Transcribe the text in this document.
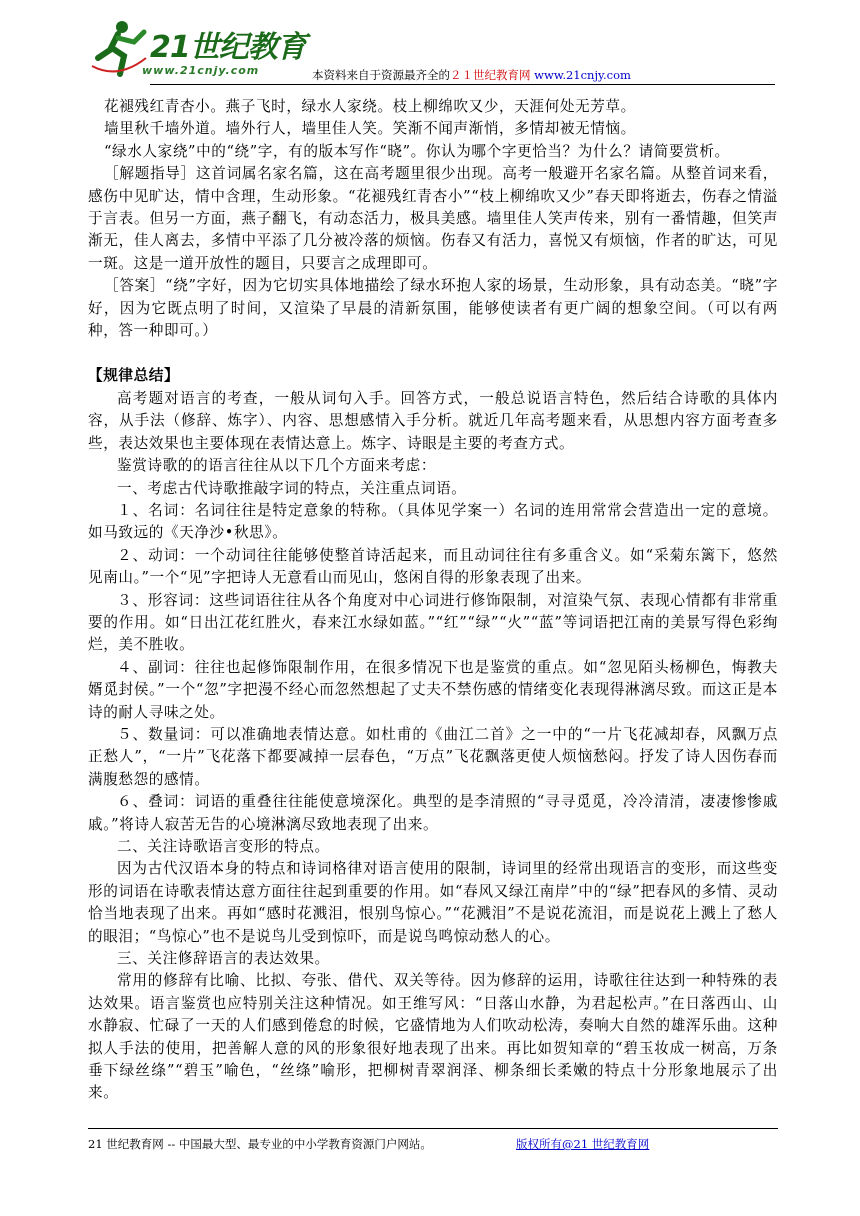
21世纪教育
www.21cnjy.com	本资料来自于资源最齐全的２１世纪教育网 www.21cnjy.com

花褪残红青杏小。燕子飞时，绿水人家绕。枝上柳绵吹又少，天涯何处无芳草。

墙里秋千墙外道。墙外行人，墙里佳人笑。笑渐不闻声渐悄，多情却被无情恼。

“绿水人家绕”中的“绕”字，有的版本写作“晓”。你认为哪个字更恰当？为什么？请简要赏析。

［解题指导］这首词属名家名篇，这在高考题里很少出现。高考一般避开名家名篇。从整首词来看，感伤中见旷达，情中含理，生动形象。“花褪残红青杏小”“枝上柳绵吹又少”春天即将逝去，伤春之情溢于言表。但另一方面，燕子翻飞，有动态活力，极具美感。墙里佳人笑声传来，别有一番情趣，但笑声渐无，佳人离去，多情中平添了几分被冷落的烦恼。伤春又有活力，喜悦又有烦恼，作者的旷达，可见一斑。这是一道开放性的题目，只要言之成理即可。

［答案］“绕”字好，因为它切实具体地描绘了绿水环抱人家的场景，生动形象，具有动态美。“晓”字好，因为它既点明了时间，又渲染了早晨的清新氛围，能够使读者有更广阔的想象空间。（可以有两种，答一种即可。）

【规律总结】

高考题对语言的考查，一般从词句入手。回答方式，一般总说语言特色，然后结合诗歌的具体内容，从手法（修辞、炼字）、内容、思想感情入手分析。就近几年高考题来看，从思想内容方面考查多些，表达效果也主要体现在表情达意上。炼字、诗眼是主要的考查方式。

鉴赏诗歌的的语言往往从以下几个方面来考虑：

一、考虑古代诗歌推敲字词的特点，关注重点词语。

１、名词：名词往往是特定意象的特称。（具体见学案一）名词的连用常常会营造出一定的意境。如马致远的《天净沙•秋思》。

２、动词：一个动词往往能够使整首诗活起来，而且动词往往有多重含义。如“采菊东篱下，悠然见南山。”一个“见”字把诗人无意看山而见山，悠闲自得的形象表现了出来。

３、形容词：这些词语往往从各个角度对中心词进行修饰限制，对渲染气氛、表现心情都有非常重要的作用。如“日出江花红胜火，春来江水绿如蓝。”“红”“绿”“火”“蓝”等词语把江南的美景写得色彩绚烂，美不胜收。

４、副词：往往也起修饰限制作用，在很多情况下也是鉴赏的重点。如“忽见陌头杨柳色，悔教夫婿觅封侯。”一个“忽”字把漫不经心而忽然想起了丈夫不禁伤感的情绪变化表现得淋漓尽致。而这正是本诗的耐人寻味之处。

５、数量词：可以准确地表情达意。如杜甫的《曲江二首》之一中的“一片飞花减却春，风飘万点正愁人”，“一片”飞花落下都要减掉一层春色，“万点”飞花飘落更使人烦恼愁闷。抒发了诗人因伤春而满腹愁怨的感情。

６、叠词：词语的重叠往往能使意境深化。典型的是李清照的“寻寻觅觅，冷冷清清，凄凄惨惨戚戚。”将诗人寂苦无告的心境淋漓尽致地表现了出来。

二、关注诗歌语言变形的特点。

因为古代汉语本身的特点和诗词格律对语言使用的限制，诗词里的经常出现语言的变形，而这些变形的词语在诗歌表情达意方面往往起到重要的作用。如“春风又绿江南岸”中的“绿”把春风的多情、灵动恰当地表现了出来。再如“感时花溅泪，恨别鸟惊心。”“花溅泪”不是说花流泪，而是说花上溅上了愁人的眼泪；“鸟惊心”也不是说鸟儿受到惊吓，而是说鸟鸣惊动愁人的心。

三、关注修辞语言的表达效果。

常用的修辞有比喻、比拟、夸张、借代、双关等待。因为修辞的运用，诗歌往往达到一种特殊的表达效果。语言鉴赏也应特别关注这种情况。如王维写风：“日落山水静，为君起松声。”在日落西山、山水静寂、忙碌了一天的人们感到倦怠的时候，它盛情地为人们吹动松涛，奏响大自然的雄浑乐曲。这种拟人手法的使用，把善解人意的风的形象很好地表现了出来。再比如贺知章的“碧玉妆成一树高，万条垂下绿丝绦”“碧玉”喻色，“丝绦”喻形，把柳树青翠润泽、柳条细长柔嫩的特点十分形象地展示了出来。

21 世纪教育网 -- 中国最大型、最专业的中小学教育资源门户网站。	版权所有@21 世纪教育网
